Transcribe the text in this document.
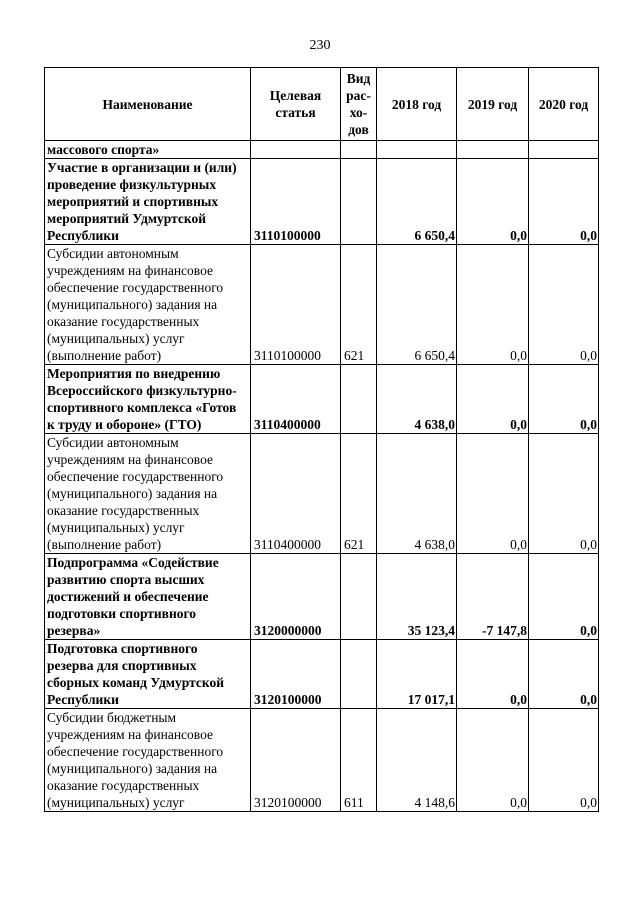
230
Наименование	Целевая статья	Вид рас-хо-дов	2018 год	2019 год	2020 год
массового спорта»					
Участие в организации и (или) проведение физкультурных мероприятий и спортивных мероприятий Удмуртской Республики	3110100000		6 650,4	0,0	0,0
Субсидии автономным учреждениям на финансовое обеспечение государственного (муниципального) задания на оказание государственных (муниципальных) услуг (выполнение работ)	3110100000	621	6 650,4	0,0	0,0
Мероприятия по внедрению Всероссийского физкультурно-спортивного комплекса «Готов к труду и обороне» (ГТО)	3110400000		4 638,0	0,0	0,0
Субсидии автономным учреждениям на финансовое обеспечение государственного (муниципального) задания на оказание государственных (муниципальных) услуг (выполнение работ)	3110400000	621	4 638,0	0,0	0,0
Подпрограмма «Содействие развитию спорта высших достижений и обеспечение подготовки спортивного резерва»	3120000000		35 123,4	-7 147,8	0,0
Подготовка спортивного резерва для спортивных сборных команд Удмуртской Республики	3120100000		17 017,1	0,0	0,0
Субсидии бюджетным учреждениям на финансовое обеспечение государственного (муниципального) задания на оказание государственных (муниципальных) услуг	3120100000	611	4 148,6	0,0	0,0
